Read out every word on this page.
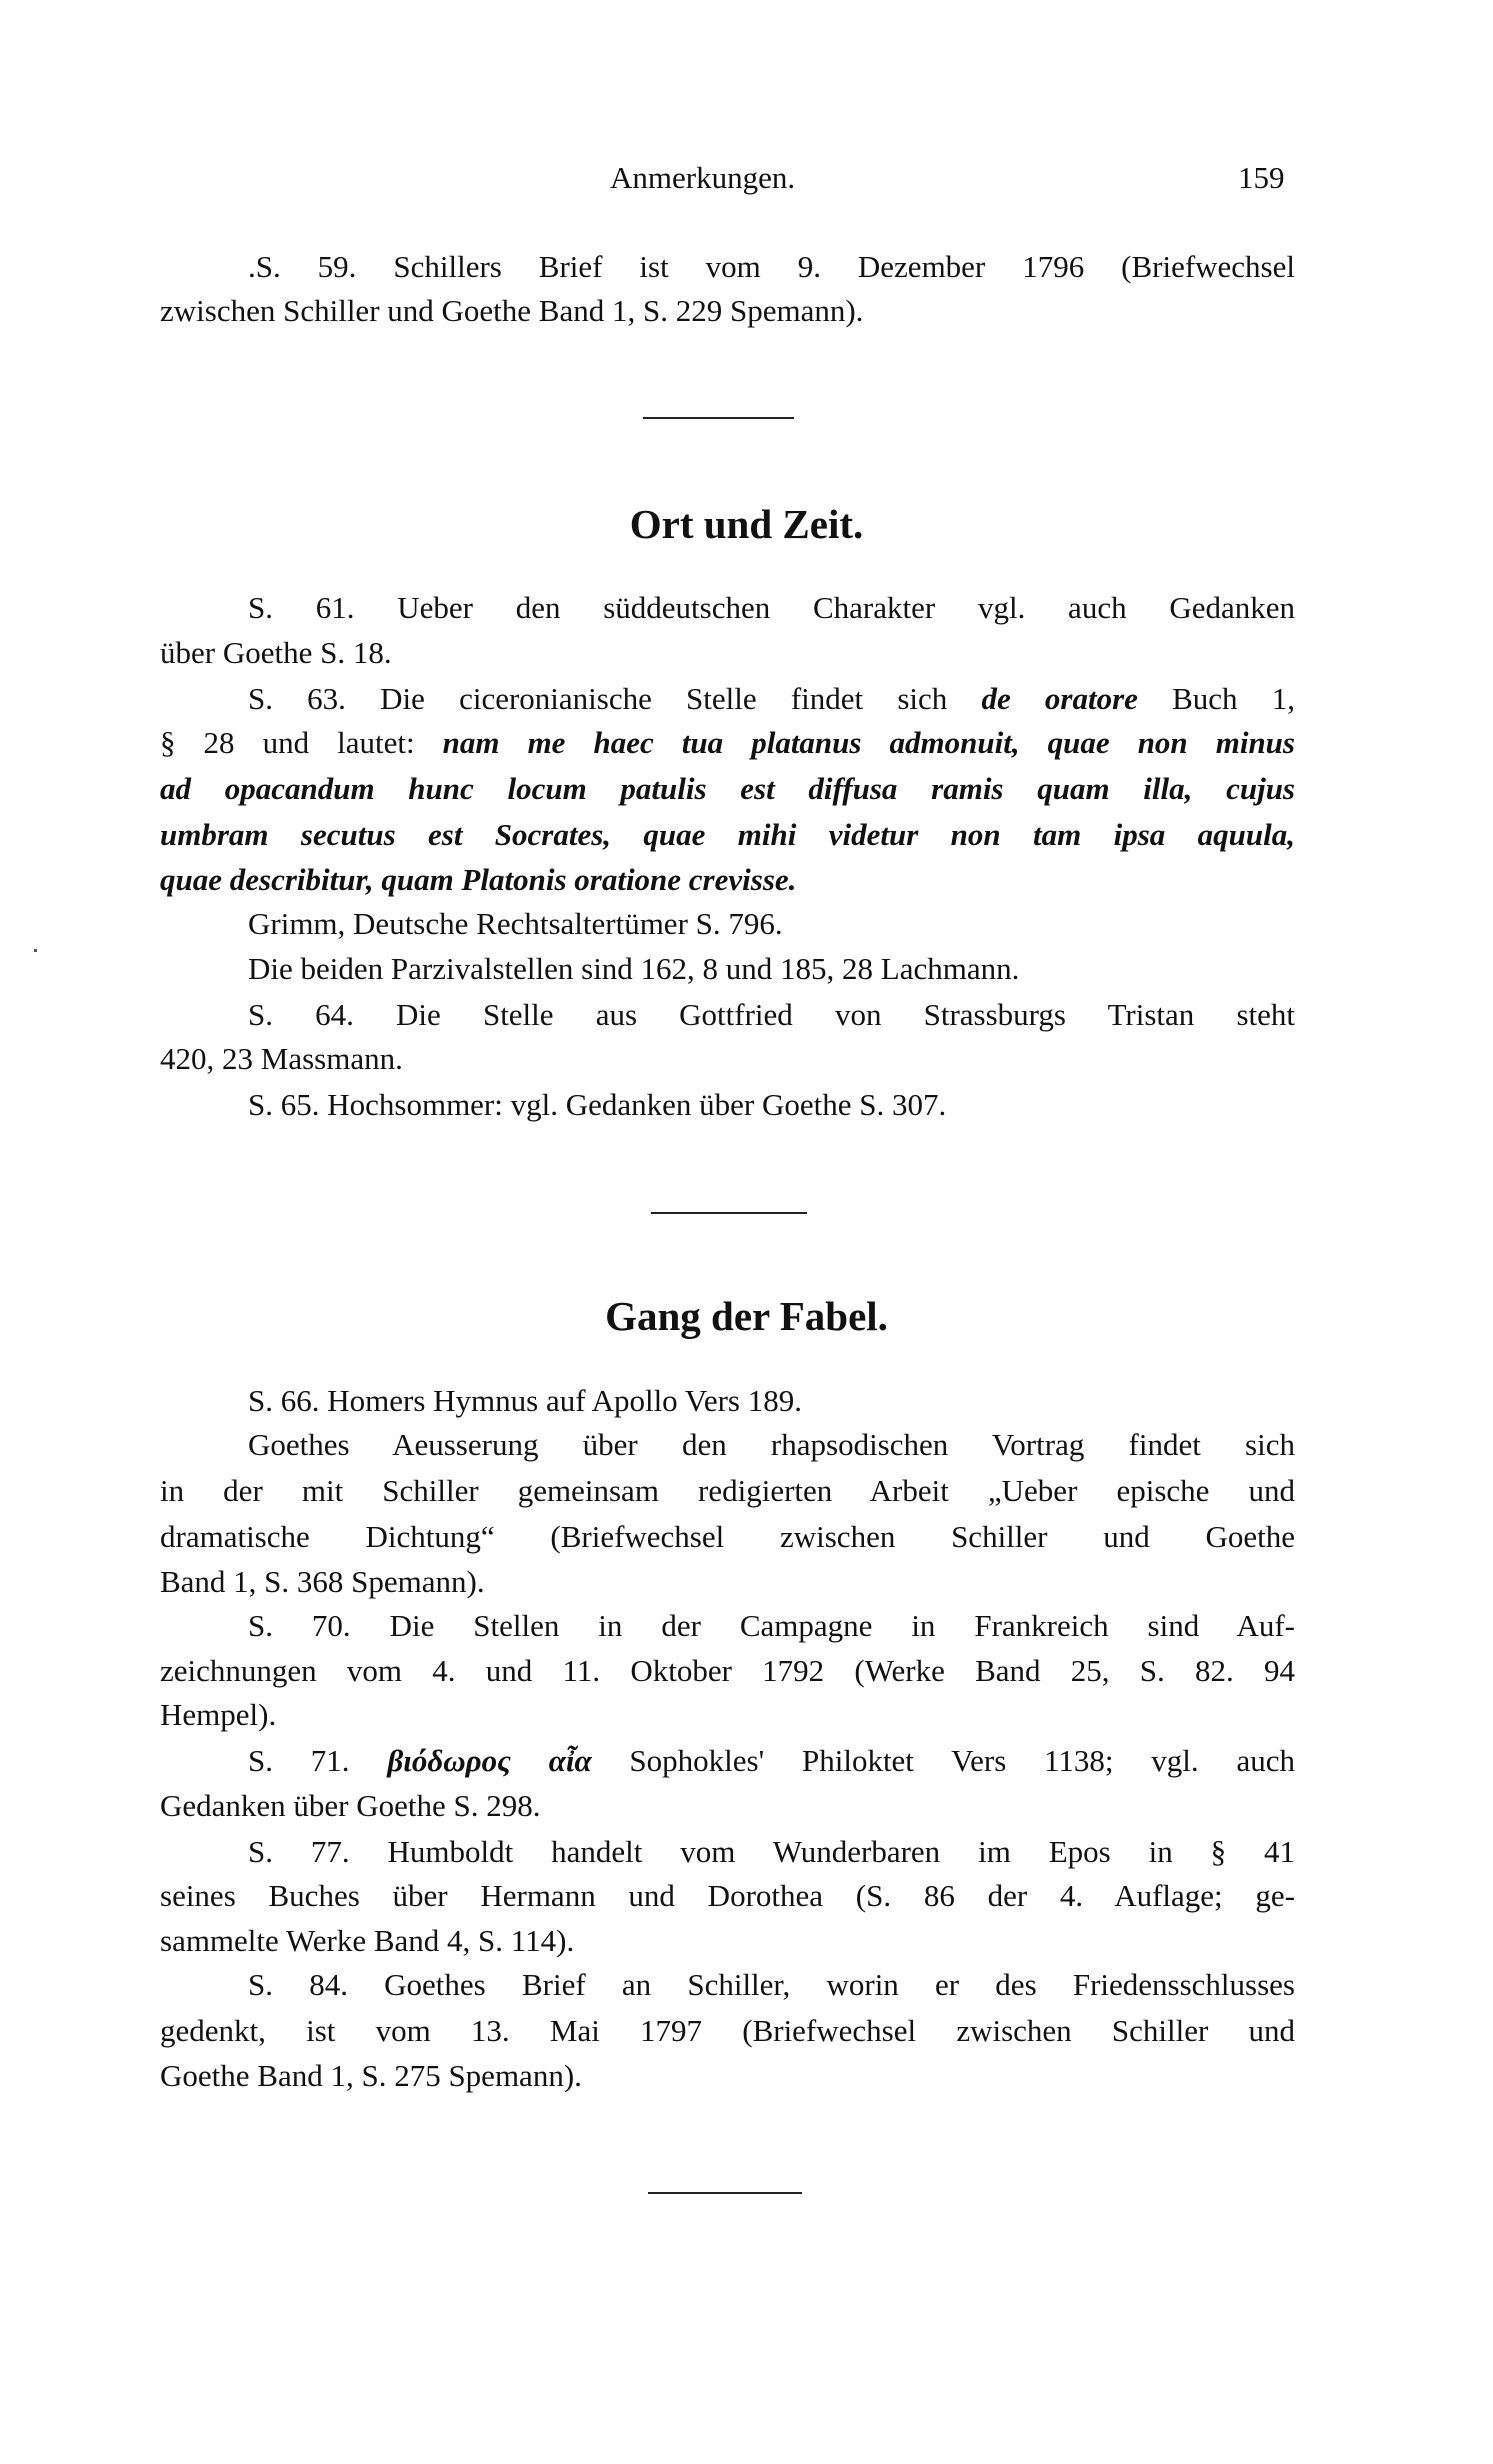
Anmerkungen.	159
.S. 59. Schillers Brief ist vom 9. Dezember 1796 (Briefwechsel
zwischen Schiller und Goethe Band 1, S. 229 Spemann).
Ort und Zeit.
S. 61. Ueber den süddeutschen Charakter vgl. auch Gedanken
über Goethe S. 18.
S. 63. Die ciceronianische Stelle findet sich de oratore Buch 1,
§ 28 und lautet: nam me haec tua platanus admonuit, quae non minus
ad opacandum hunc locum patulis est diffusa ramis quam illa, cujus
umbram secutus est Socrates, quae mihi videtur non tam ipsa aquula,
quae describitur, quam Platonis oratione crevisse.
Grimm, Deutsche Rechtsaltertümer S. 796.
Die beiden Parzivalstellen sind 162, 8 und 185, 28 Lachmann.
S. 64. Die Stelle aus Gottfried von Strassburgs Tristan steht
420, 23 Massmann.
S. 65. Hochsommer: vgl. Gedanken über Goethe S. 307.
Gang der Fabel.
S. 66. Homers Hymnus auf Apollo Vers 189.
Goethes Aeusserung über den rhapsodischen Vortrag findet sich
in der mit Schiller gemeinsam redigierten Arbeit „Ueber epische und
dramatische Dichtung“ (Briefwechsel zwischen Schiller und Goethe
Band 1, S. 368 Spemann).
S. 70. Die Stellen in der Campagne in Frankreich sind Auf-
zeichnungen vom 4. und 11. Oktober 1792 (Werke Band 25, S. 82. 94
Hempel).
S. 71. βιόδωρος αἶα Sophokles' Philoktet Vers 1138; vgl. auch
Gedanken über Goethe S. 298.
S. 77. Humboldt handelt vom Wunderbaren im Epos in § 41
seines Buches über Hermann und Dorothea (S. 86 der 4. Auflage; ge-
sammelte Werke Band 4, S. 114).
S. 84. Goethes Brief an Schiller, worin er des Friedensschlusses
gedenkt, ist vom 13. Mai 1797 (Briefwechsel zwischen Schiller und
Goethe Band 1, S. 275 Spemann).
